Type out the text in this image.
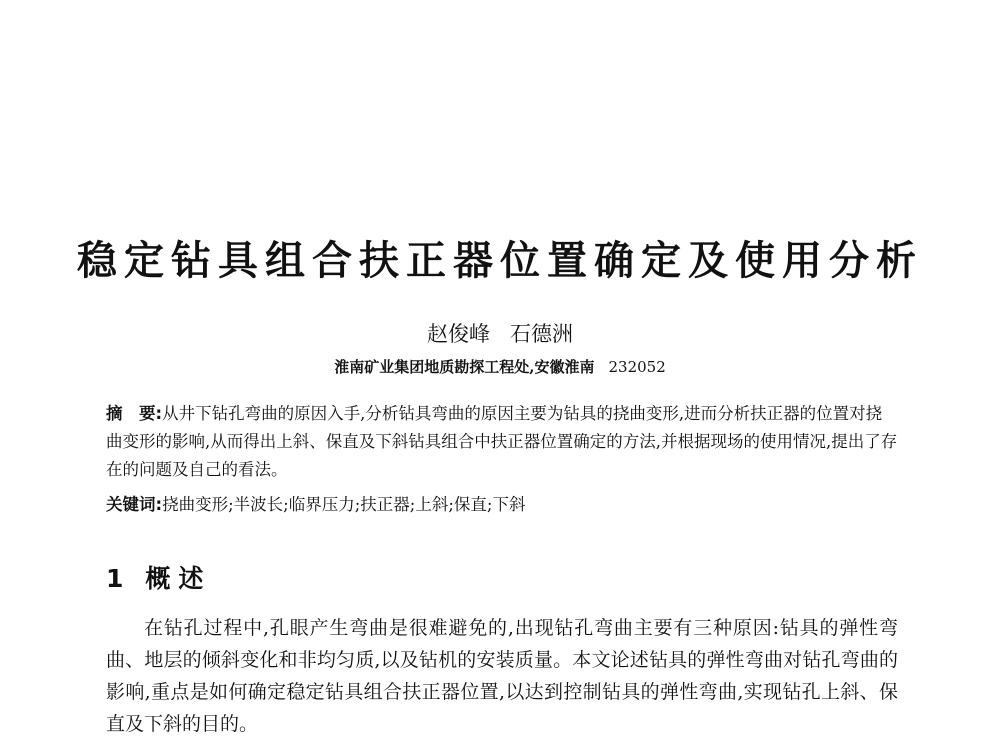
稳定钻具组合扶正器位置确定及使用分析
赵俊峰 石德洲
淮南矿业集团地质勘探工程处,安徽淮南 232052
摘　要:从井下钻孔弯曲的原因入手,分析钻具弯曲的原因主要为钻具的挠曲变形,进而分析扶正器的位置对挠曲变形的影响,从而得出上斜、保直及下斜钻具组合中扶正器位置确定的方法,并根据现场的使用情况,提出了存在的问题及自己的看法。
关键词:挠曲变形;半波长;临界压力;扶正器;上斜;保直;下斜
1 概述
在钻孔过程中,孔眼产生弯曲是很难避免的,出现钻孔弯曲主要有三种原因:钻具的弹性弯曲、地层的倾斜变化和非均匀质,以及钻机的安装质量。本文论述钻具的弹性弯曲对钻孔弯曲的影响,重点是如何确定稳定钻具组合扶正器位置,以达到控制钻具的弹性弯曲,实现钻孔上斜、保直及下斜的目的。
